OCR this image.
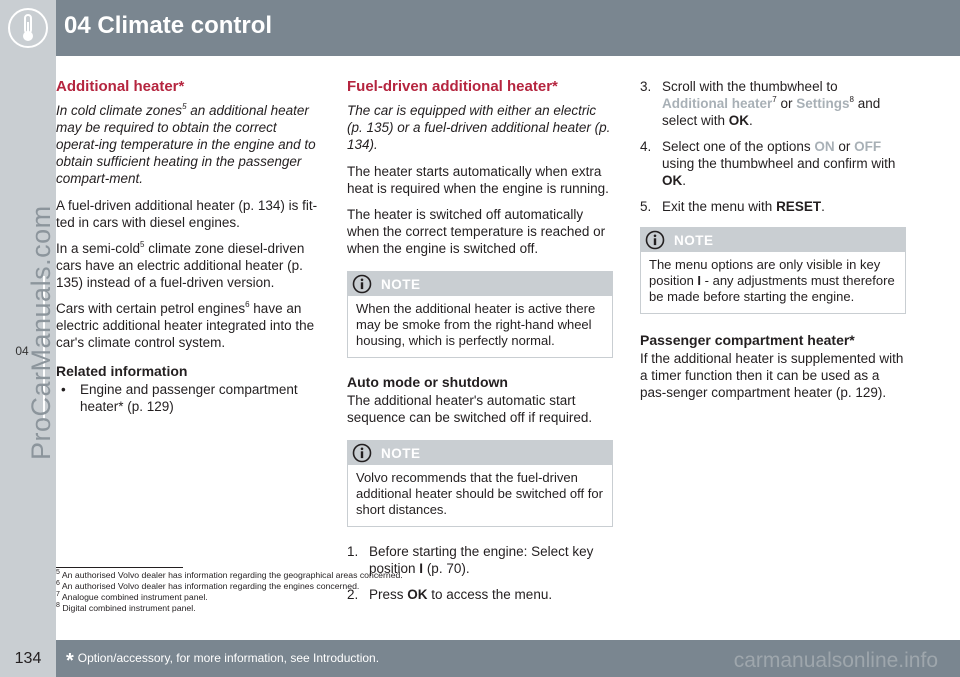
04 Climate control
04
ProCarManuals.com
Additional heater*

In cold climate zones$^5$ an additional heater may be required to obtain the correct operat-ing temperature in the engine and to obtain sufficient heating in the passenger compart-ment.

A fuel-driven additional heater (p. 134) is fit-ted in cars with diesel engines.

In a semi-cold$^5$ climate zone diesel-driven cars have an electric additional heater (p. 135) instead of a fuel-driven version.

Cars with certain petrol engines$^6$ have an electric additional heater integrated into the car's climate control system.

Related information
• Engine and passenger compartment heater* (p. 129)
Fuel-driven additional heater*

The car is equipped with either an electric (p. 135) or a fuel-driven additional heater (p. 134).

The heater starts automatically when extra heat is required when the engine is running.

The heater is switched off automatically when the correct temperature is reached or when the engine is switched off.

NOTE
When the additional heater is active there may be smoke from the right-hand wheel housing, which is perfectly normal.
Auto mode or shutdown

The additional heater's automatic start sequence can be switched off if required.

NOTE
Volvo recommends that the fuel-driven additional heater should be switched off for short distances.
1. Before starting the engine: Select key position I (p. 70).
2. Press OK to access the menu.
3. Scroll with the thumbwheel to Additional heater$^7$ or Settings$^8$ and select with OK.
4. Select one of the options ON or OFF using the thumbwheel and confirm with OK.
5. Exit the menu with RESET.
NOTE
The menu options are only visible in key position I - any adjustments must therefore be made before starting the engine.
Passenger compartment heater*

If the additional heater is supplemented with a timer function then it can be used as a pas-senger compartment heater (p. 129).

$^5$ An authorised Volvo dealer has information regarding the geographical areas concerned.
$^6$ An authorised Volvo dealer has information regarding the engines concerned.
$^7$ Analogue combined instrument panel.
$^8$ Digital combined instrument panel.
134	* Option/accessory, for more information, see Introduction.	carmanualsonline.info
